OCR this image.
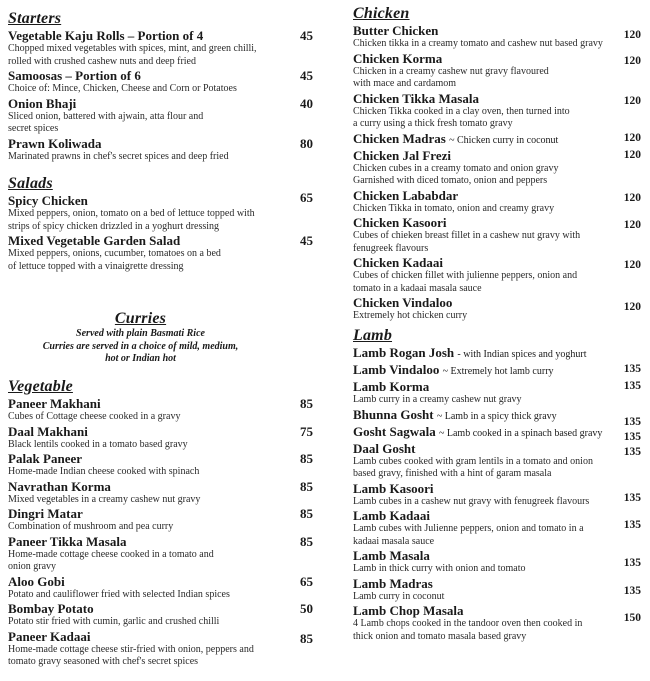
Starters
45
Vegetable Kaju Rolls – Portion of 4
Chopped mixed vegetables with spices, mint, and green chilli, rolled with crushed cashew nuts and deep fried
45
Samoosas – Portion of 6
Choice of: Mince, Chicken, Cheese and Corn or Potatoes
40
Onion Bhaji
Sliced onion, battered with ajwain, atta flour and secret spices
80
Prawn Koliwada
Marinated prawns in chef's secret spices and deep fried
Salads
65
Spicy Chicken
Mixed peppers, onion, tomato on a bed of lettuce topped with strips of spicy chicken drizzled in a yoghurt dressing
45
Mixed Vegetable Garden Salad
Mixed peppers, onions, cucumber, tomatoes on a bed of lettuce topped with a vinaigrette dressing
Curries
Served with plain Basmati Rice
Curries are served in a choice of mild, medium,
hot or Indian hot
Vegetable
85
Paneer Makhani
Cubes of Cottage cheese cooked in a gravy
75
Daal Makhani
Black lentils cooked in a tomato based gravy
85
Palak Paneer
Home-made Indian cheese cooked with spinach
85
Navrathan Korma
Mixed vegetables in a creamy cashew nut gravy
85
Dingri Matar
Combination of mushroom and pea curry
85
Paneer Tikka Masala
Home-made cottage cheese cooked in a tomato and onion gravy
65
Aloo Gobi
Potato and cauliflower fried with selected Indian spices
50
Bombay Potato
Potato stir fried with cumin, garlic and crushed chilli
85
Paneer Kadaai
Home-made cottage cheese stir-fried with onion, peppers and tomato gravy seasoned with chef's secret spices
Chicken
120
Butter Chicken
Chicken tikka in a creamy tomato and cashew nut based gravy
120
Chicken Korma
Chicken in a creamy cashew nut gravy flavoured with mace and cardamom
120
Chicken Tikka Masala
Chicken Tikka cooked in a clay oven, then turned into a curry using a thick fresh tomato gravy
120
Chicken Madras ~ Chicken curry in coconut
120
Chicken Jal Frezi
Chicken cubes in a creamy tomato and onion gravy Garnished with diced tomato, onion and peppers
120
Chicken Lababdar
Chicken Tikka in tomato, onion and creamy gravy
120
Chicken Kasoori
Cubes of chieken breast fillet in a cashew nut gravy with fenugreek flavours
120
Chicken Kadaai
Cubes of chicken fillet with julienne peppers, onion and tomato in a kadaai masala sauce
120
Chicken Vindaloo
Extremely hot chicken curry
Lamb
Lamb Rogan Josh - with Indian spices and yoghurt
135
Lamb Vindaloo ~ Extremely hot lamb curry
135
Lamb Korma
Lamb curry in a creamy cashew nut gravy
135
Bhunna Gosht ~ Lamb in a spicy thick gravy
135
Gosht Sagwala ~ Lamb cooked in a spinach based gravy
135
Daal Gosht
Lamb cubes cooked with gram lentils in a tomato and onion based gravy, finished with a hint of garam masala
135
Lamb Kasoori
Lamb cubes in a cashew nut gravy with fenugreek flavours
135
Lamb Kadaai
Lamb cubes with Julienne peppers, onion and tomato in a kadaai masala sauce
135
Lamb Masala
Lamb in thick curry with onion and tomato
135
Lamb Madras
Lamb curry in coconut
150
Lamb Chop Masala
4 Lamb chops cooked in the tandoor oven then cooked in thick onion and tomato masala based gravy
